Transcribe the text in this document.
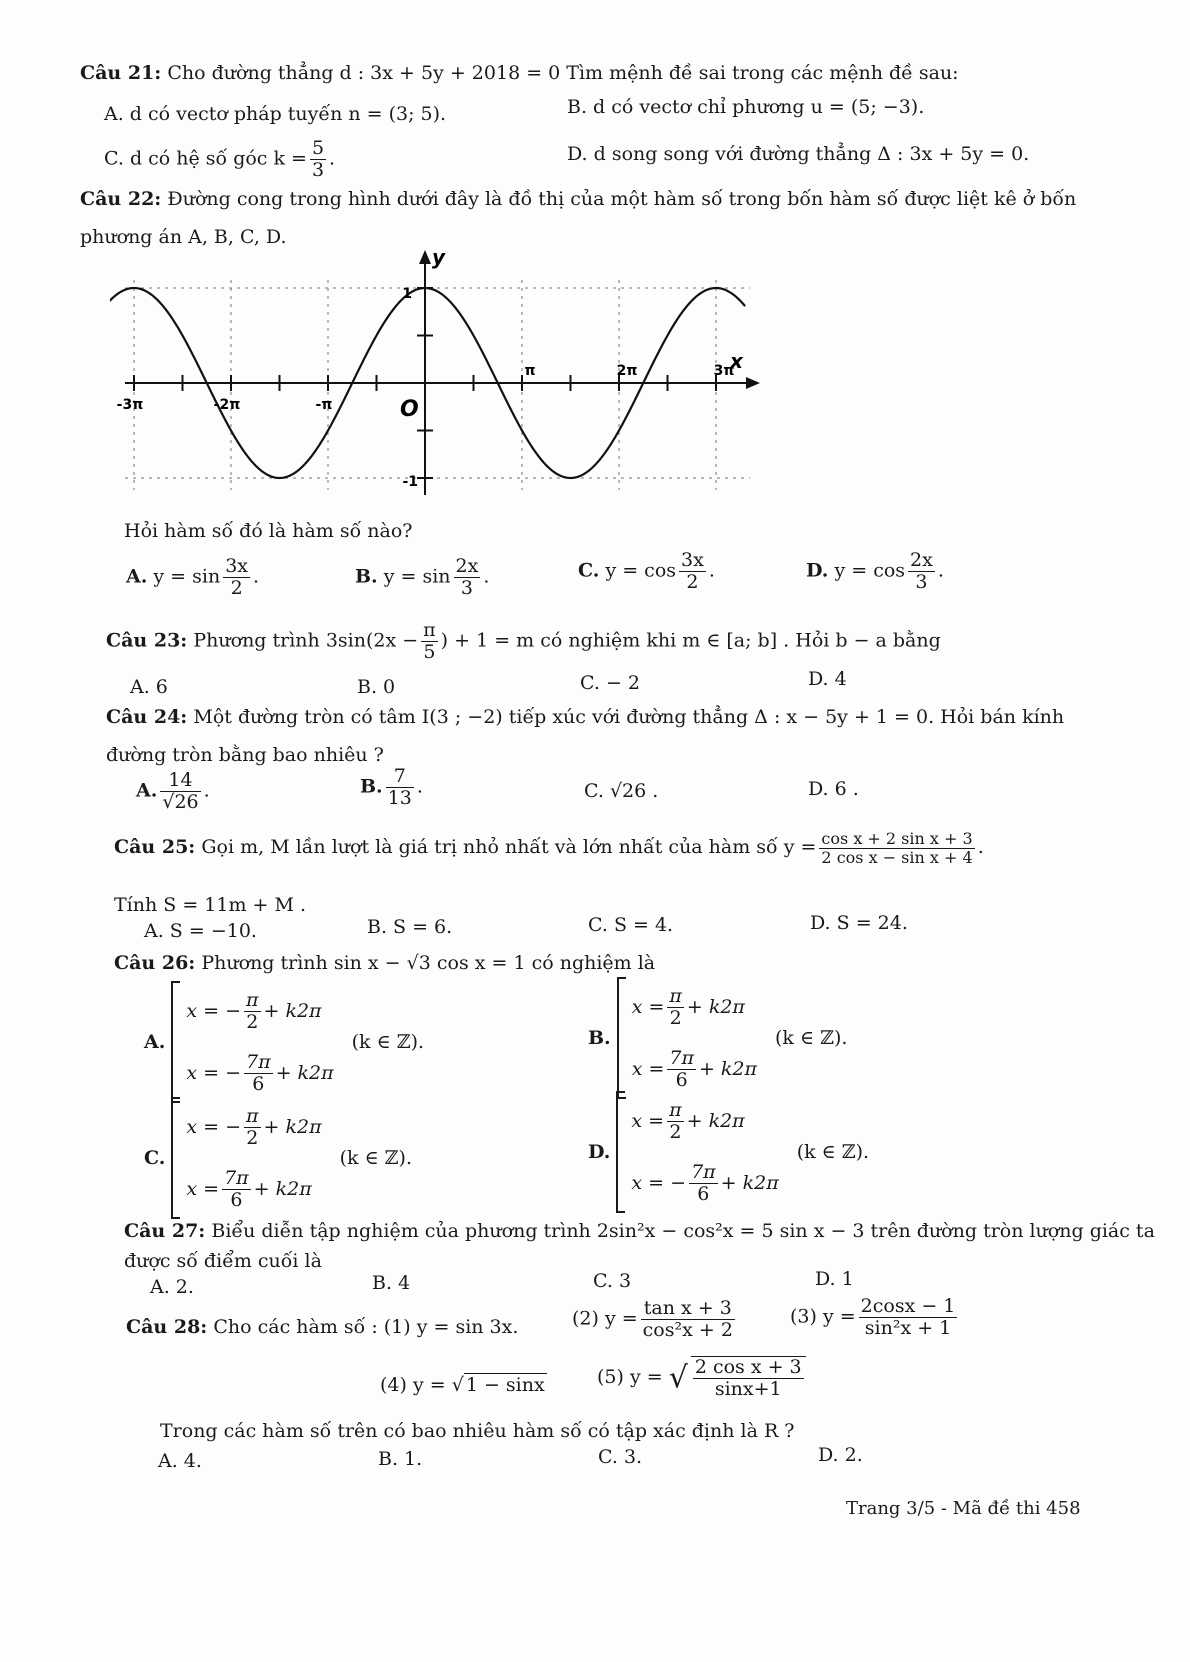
Câu 21: Cho đường thẳng d : 3x + 5y + 2018 = 0 Tìm mệnh đề sai trong các mệnh đề sau:
A. d có vectơ pháp tuyến n = (3; 5).	B. d có vectơ chỉ phương u = (5; −3).
C. d có hệ số góc $k = \frac{5}{3}$ .	D. d song song với đường thẳng Δ : 3x + 5y = 0.
Câu 22: Đường cong trong hình dưới đây là đồ thị của một hàm số trong bốn hàm số được liệt kê ở bốn
phương án A, B, C, D.
-3π	-2π	-π
π	2π	3π
1
-1
O
x
y
Hỏi hàm số đó là hàm số nào?
A. $y = \sin \frac{3x}{2}$ .	B. $y = \sin \frac{2x}{3}$ .	C. $y = \cos \frac{3x}{2}$ .	D. $y = \cos \frac{2x}{3}$ .
Câu 23: Phương trình $3\sin(2x - \frac{\pi}{5}$ ) + 1 = m có nghiệm khi m ∈ [a; b] . Hỏi b − a bằng
A. 6	B. 0	C. − 2	D. 4
Câu 24: Một đường tròn có tâm I(3 ; −2) tiếp xúc với đường thẳng Δ : x − 5y + 1 = 0. Hỏi bán kính
đường tròn bằng bao nhiêu ?
A. $\frac{14}{√26}$ .	B. $\frac{7}{13}$ .	C. √26 .	D. 6 .
Câu 25: Gọi m, M lần lượt là giá trị nhỏ nhất và lớn nhất của hàm số $y = \frac{\text{cos x + 2 sin x + 3}}{\text{2 cos x − sin x + 4}}$ .
Tính S = 11m + M .
A. S = −10.	B. S = 6.	C. S = 4.	D. S = 24.
Câu 26: Phương trình sin x − √3 cos x = 1 có nghiệm là
A.
x = − $\frac{\pi}{2} + k2\pi$
x = − $\frac{7\pi}{6} + k2\pi$
(k ∈ ℤ).	B.
$x = \frac{\pi}{2} + k2\pi$
$x = \frac{7\pi}{6} + k2\pi$
(k ∈ ℤ).
C.
x = − $\frac{\pi}{2} + k2\pi$
$x = \frac{7\pi}{6} + k2\pi$
(k ∈ ℤ).	D.
$x = \frac{\pi}{2} + k2\pi$
x = − $\frac{7\pi}{6} + k2\pi$
(k ∈ ℤ).
Câu 27: Biểu diễn tập nghiệm của phương trình 2sin²x − cos²x = 5 sin x − 3 trên đường tròn lượng giác ta
được số điểm cuối là
A. 2.	B. 4	C. 3	D. 1
Câu 28: Cho các hàm số : (1) y = sin 3x.	(2) $y = \frac{\text{tan x + 3}}{\text{cos²x + 2}}$	(3) $y = \frac{2\cos x - 1}{\text{sin²x + 1}}$
(4) y = √ 1 − sinx	(5) y = √ $\frac{\text{2 cos x + 3}}{\sin x+1}$
Trong các hàm số trên có bao nhiêu hàm số có tập xác định là R ?
A. 4.	B. 1.	C. 3.	D. 2.
Trang 3/5 - Mã đề thi 458
